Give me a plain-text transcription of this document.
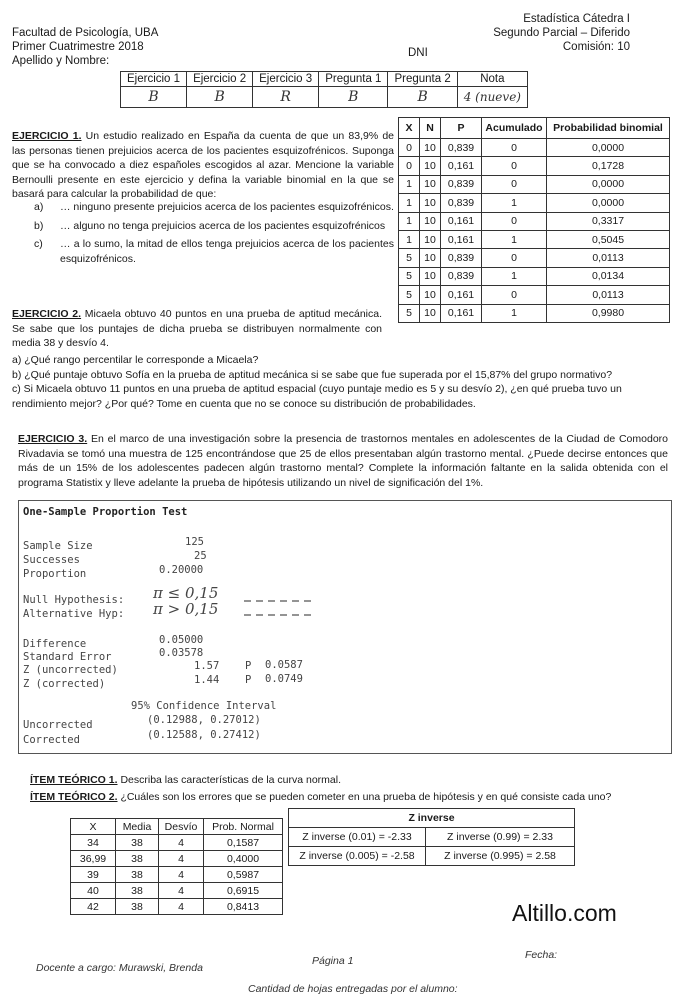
Facultad de Psicología, UBA
Primer Cuatrimestre 2018
Apellido y Nombre:
DNI
Estadística Cátedra I
Segundo Parcial – Diferido
Comisión: 10
Ejercicio 1	Ejercicio 2	Ejercicio 3	Pregunta 1	Pregunta 2	Nota
B	B	R	B	B	4 (nueve)
EJERCICIO 1. Un estudio realizado en España da cuenta de que un 83,9% de las personas tienen prejuicios acerca de los pacientes esquizofrénicos. Suponga que se ha convocado a diez españoles escogidos al azar. Mencione la variable Bernoulli presente en este ejercicio y defina la variable binomial en la que se basará para calcular la probabilidad de que:
a)	… ninguno presente prejuicios acerca de los pacientes esquizofrénicos.
b)	… alguno no tenga prejuicios acerca de los pacientes esquizofrénicos
c)	… a lo sumo, la mitad de ellos tenga prejuicios acerca de los pacientes esquizofrénicos.
X	N	P	Acumulado	Probabilidad binomial
0	10	0,839	0	0,0000
0	10	0,161	0	0,1728
1	10	0,839	0	0,0000
1	10	0,839	1	0,0000
1	10	0,161	0	0,3317
1	10	0,161	1	0,5045
5	10	0,839	0	0,0113
5	10	0,839	1	0,0134
5	10	0,161	0	0,0113
5	10	0,161	1	0,9980
EJERCICIO 2. Micaela obtuvo 40 puntos en una prueba de aptitud mecánica. Se sabe que los puntajes de dicha prueba se distribuyen normalmente con media 38 y desvío 4.
a) ¿Qué rango percentilar le corresponde a Micaela?
b) ¿Qué puntaje obtuvo Sofía en la prueba de aptitud mecánica si se sabe que fue superada por el 15,87% del grupo normativo?
c) Si Micaela obtuvo 11 puntos en una prueba de aptitud espacial (cuyo puntaje medio es 5 y su desvío 2), ¿en qué prueba tuvo un rendimiento mejor? ¿Por qué? Tome en cuenta que no se conoce su distribución de probabilidades.
EJERCICIO 3. En el marco de una investigación sobre la presencia de trastornos mentales en adolescentes de la Ciudad de Comodoro Rivadavia se tomó una muestra de 125 encontrándose que 25 de ellos presentaban algún trastorno mental. ¿Puede decirse entonces que más de un 15% de los adolescentes padecen algún trastorno mental? Complete la información faltante en la salida obtenida con el programa Statistix y lleve adelante la prueba de hipótesis utilizando un nivel de significación del 1%.
One-Sample Proportion Test
Sample Size	125
Successes	25
Proportion	0.20000
Null Hypothesis: π ≤ 0,15
Alternative Hyp: π > 0,15
Difference	0.05000
Standard Error	0.03578
Z (uncorrected)	1.57 P 0.0587
Z (corrected)	1.44 P 0.0749
95% Confidence Interval
Uncorrected	(0.12988, 0.27012)
Corrected	(0.12588, 0.27412)
ÍTEM TEÓRICO 1. Describa las características de la curva normal.
ÍTEM TEÓRICO 2. ¿Cuáles son los errores que se pueden cometer en una prueba de hipótesis y en qué consiste cada uno?
X	Media	Desvío	Prob. Normal
34	38	4	0,1587
36,99	38	4	0,4000
39	38	4	0,5987
40	38	4	0,6915
42	38	4	0,8413
Z inverse	
Z inverse (0.01) = -2.33	Z inverse (0.99) = 2.33
Z inverse (0.005) = -2.58	Z inverse (0.995) = 2.58
Altillo.com
Fecha:
Docente a cargo: Murawski, Brenda
Página 1
Cantidad de hojas entregadas por el alumno:
